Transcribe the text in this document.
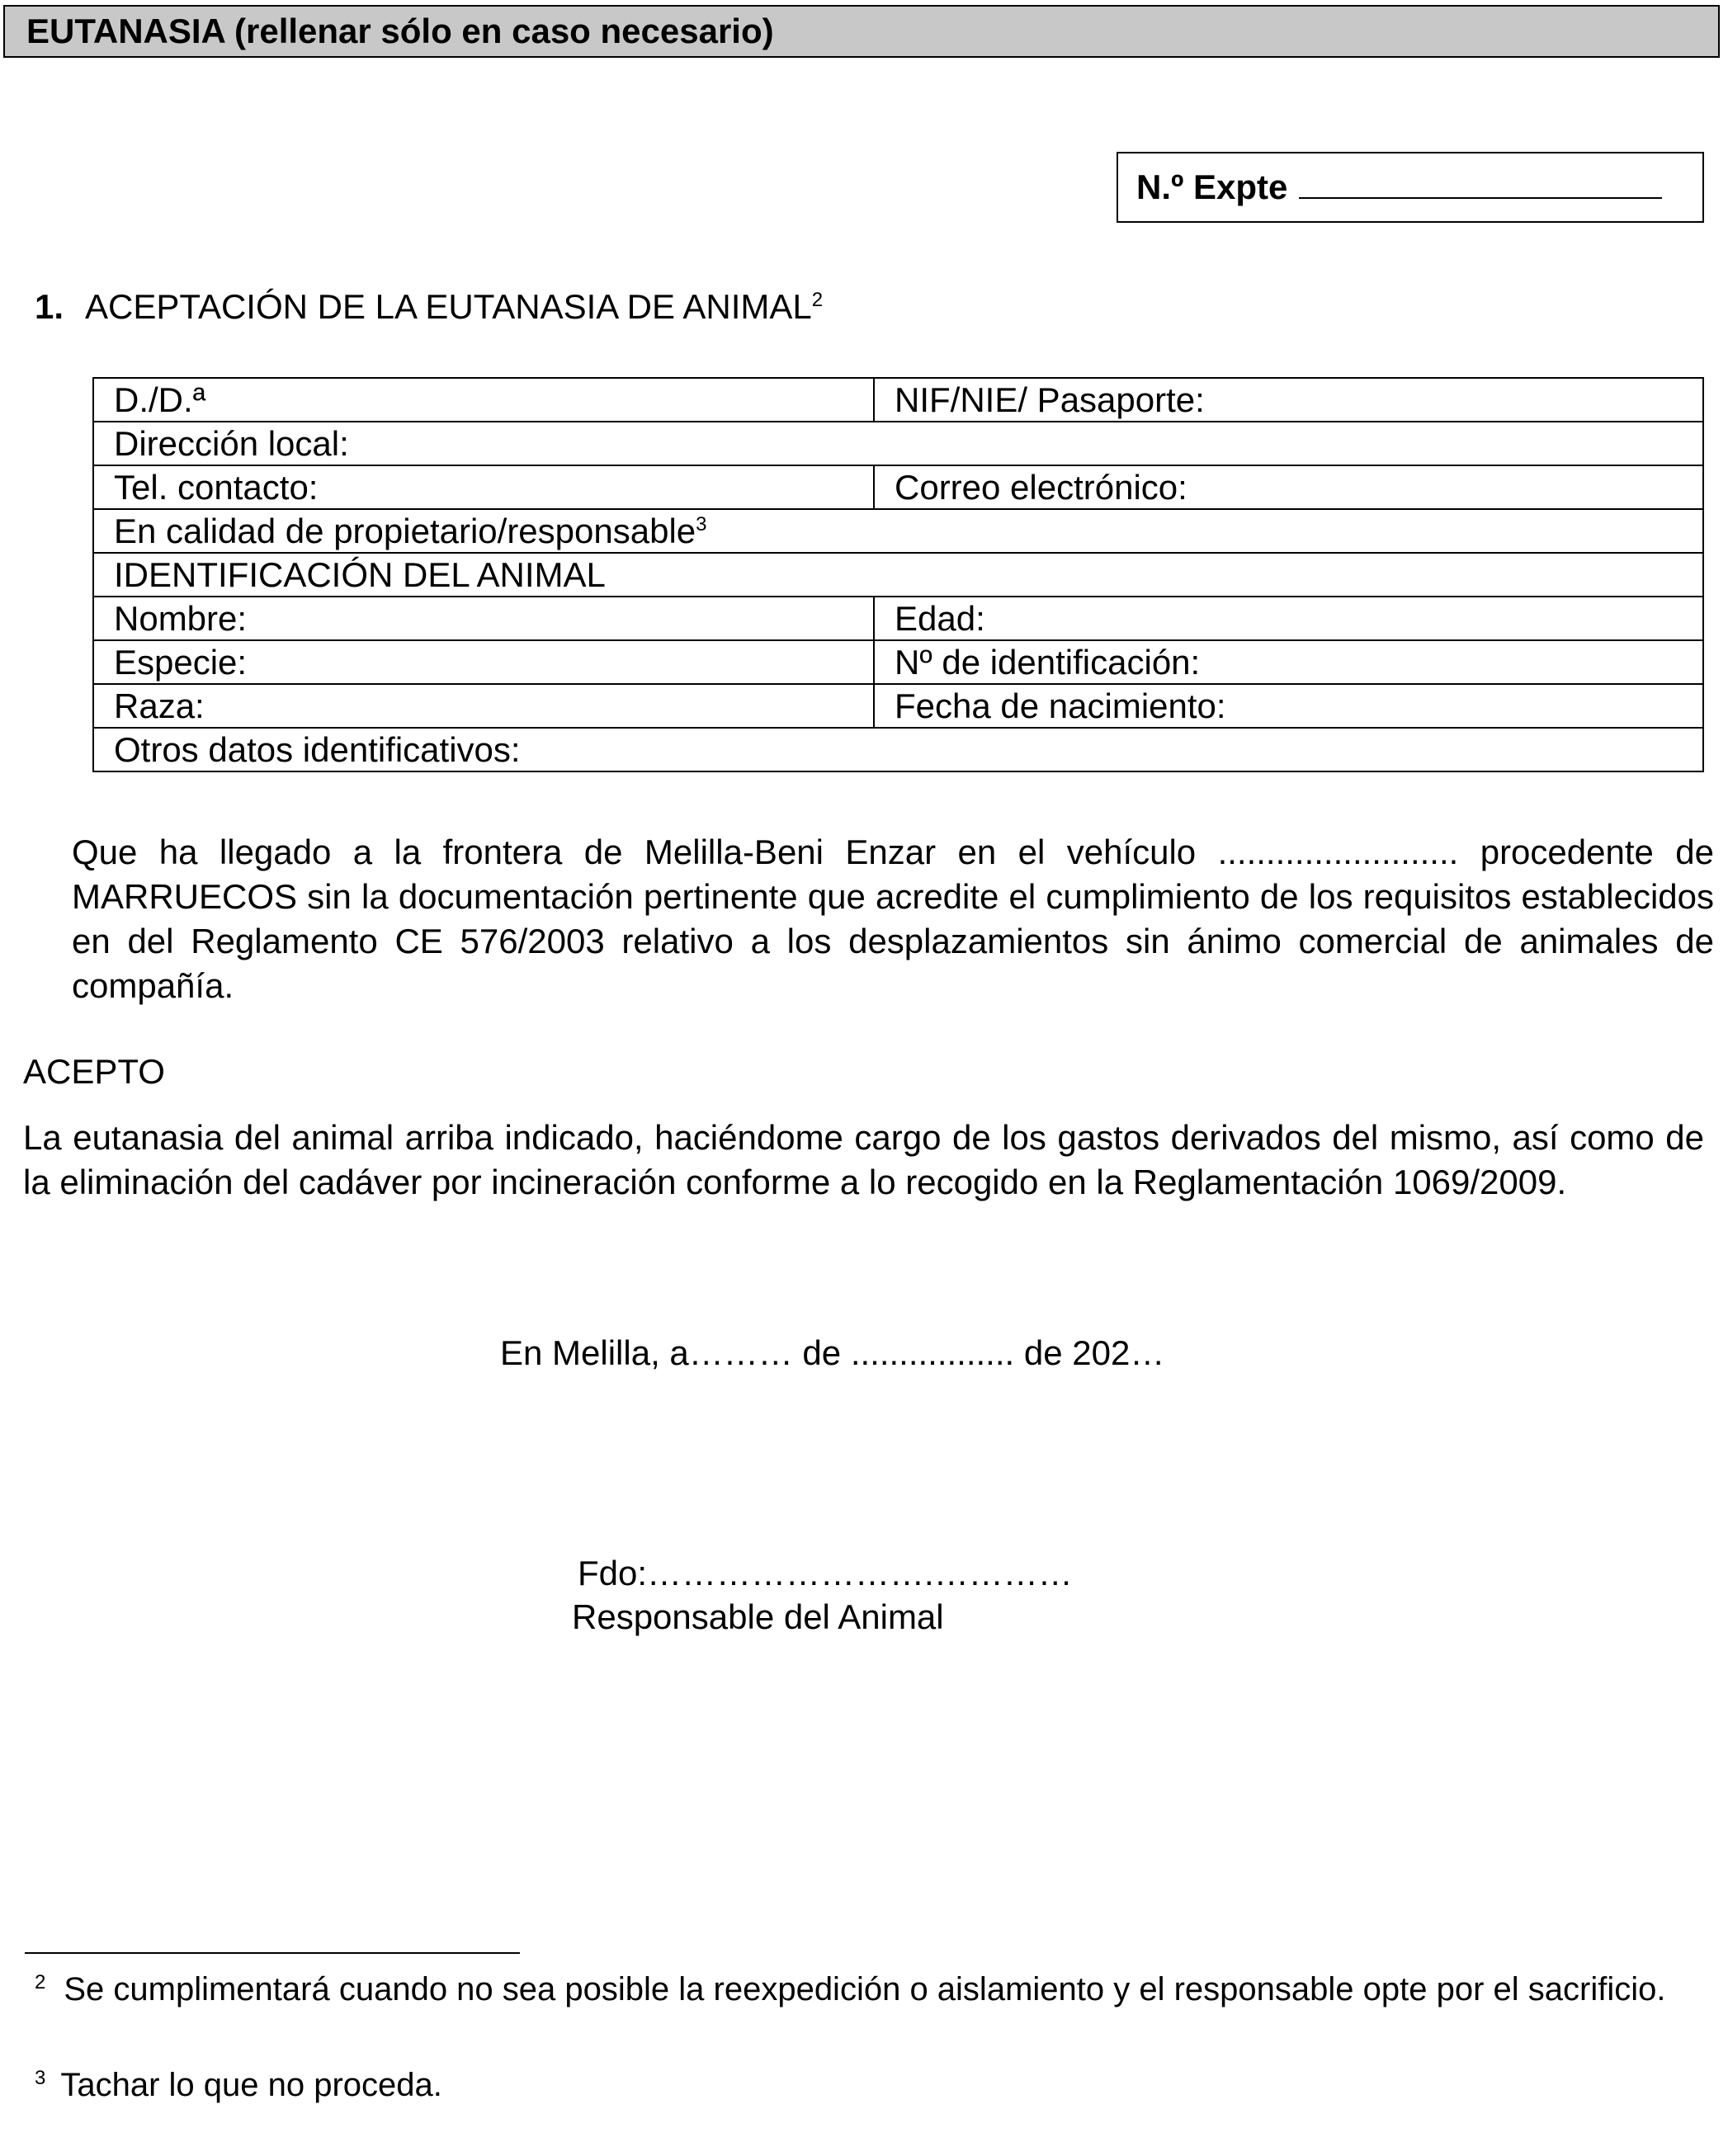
EUTANASIA (rellenar sólo en caso necesario)
N.º Expte
1. ACEPTACIÓN DE LA EUTANASIA DE ANIMAL$^2$
D./D.ª	NIF/NIE/ Pasaporte:
Dirección local:	
Tel. contacto:	Correo electrónico:
En calidad de propietario/responsable$^3$
IDENTIFICACIÓN DEL ANIMAL	
Nombre:	Edad:
Especie:	Nº de identificación:
Raza:	Fecha de nacimiento:
Otros datos identificativos:	
Que ha llegado a la frontera de Melilla-Beni Enzar en el vehículo ......................... procedente de MARRUECOS sin la documentación pertinente que acredite el cumplimiento de los requisitos establecidos en del Reglamento CE 576/2003 relativo a los desplazamientos sin ánimo comercial de animales de compañía.
ACEPTO
La eutanasia del animal arriba indicado, haciéndome cargo de los gastos derivados del mismo, así como de la eliminación del cadáver por incineración conforme a lo recogido en la Reglamentación 1069/2009.
En Melilla, a……… de ................. de 202…
Fdo:…………………….…………
Responsable del Animal
$^2$ Se cumplimentará cuando no sea posible la reexpedición o aislamiento y el responsable opte por el sacrificio.
$^3$ Tachar lo que no proceda.
